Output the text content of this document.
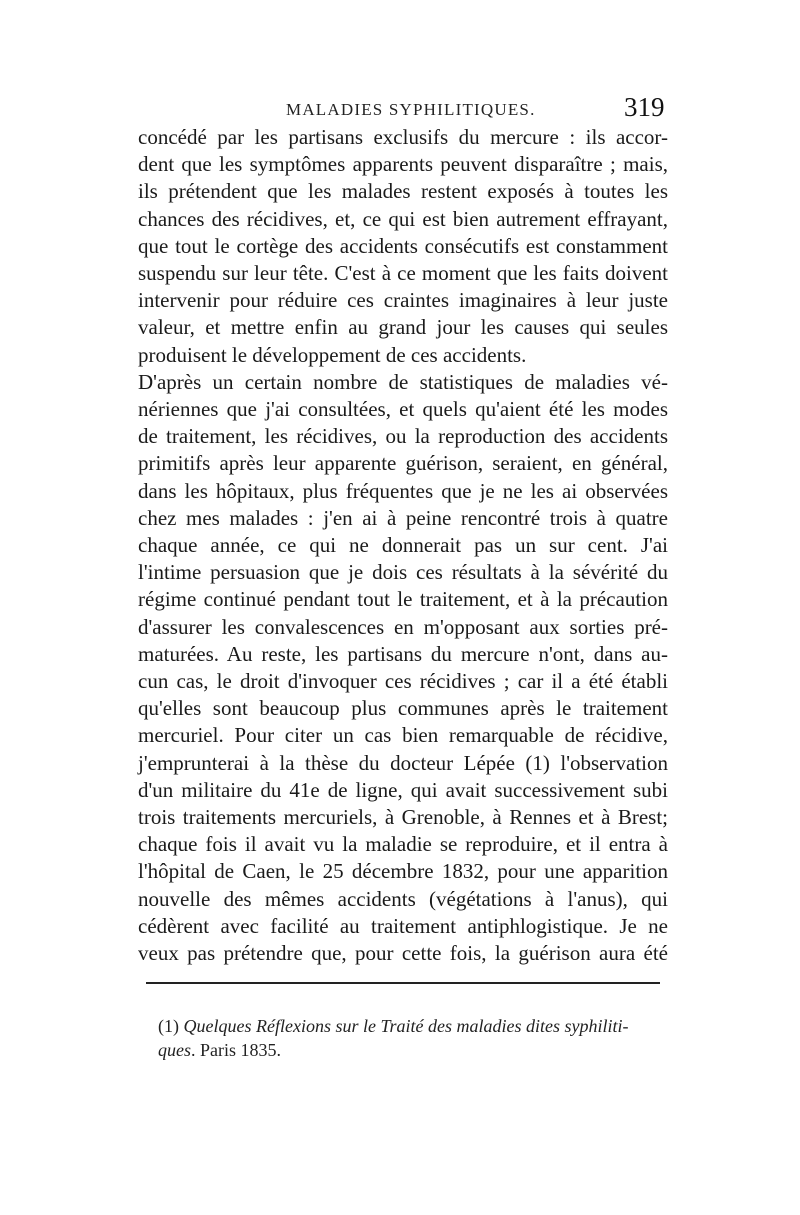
MALADIES SYPHILITIQUES.	319
concédé par les partisans exclusifs du mercure : ils accor-
dent que les symptômes apparents peuvent disparaître ; mais,
ils prétendent que les malades restent exposés à toutes les
chances des récidives, et, ce qui est bien autrement effrayant,
que tout le cortège des accidents consécutifs est constamment
suspendu sur leur tête. C'est à ce moment que les faits doivent
intervenir pour réduire ces craintes imaginaires à leur juste
valeur, et mettre enfin au grand jour les causes qui seules
produisent le développement de ces accidents.
D'après un certain nombre de statistiques de maladies vé-
nériennes que j'ai consultées, et quels qu'aient été les modes
de traitement, les récidives, ou la reproduction des accidents
primitifs après leur apparente guérison, seraient, en général,
dans les hôpitaux, plus fréquentes que je ne les ai observées
chez mes malades : j'en ai à peine rencontré trois à quatre
chaque année, ce qui ne donnerait pas un sur cent. J'ai
l'intime persuasion que je dois ces résultats à la sévérité du
régime continué pendant tout le traitement, et à la précaution
d'assurer les convalescences en m'opposant aux sorties pré-
maturées. Au reste, les partisans du mercure n'ont, dans au-
cun cas, le droit d'invoquer ces récidives ; car il a été établi
qu'elles sont beaucoup plus communes après le traitement
mercuriel. Pour citer un cas bien remarquable de récidive,
j'emprunterai à la thèse du docteur Lépée (1) l'observation
d'un militaire du 41e de ligne, qui avait successivement subi
trois traitements mercuriels, à Grenoble, à Rennes et à Brest;
chaque fois il avait vu la maladie se reproduire, et il entra à
l'hôpital de Caen, le 25 décembre 1832, pour une apparition
nouvelle des mêmes accidents (végétations à l'anus), qui
cédèrent avec facilité au traitement antiphlogistique. Je ne
veux pas prétendre que, pour cette fois, la guérison aura été
(1) Quelques Réflexions sur le Traité des maladies dites syphiliti-
ques. Paris 1835.
